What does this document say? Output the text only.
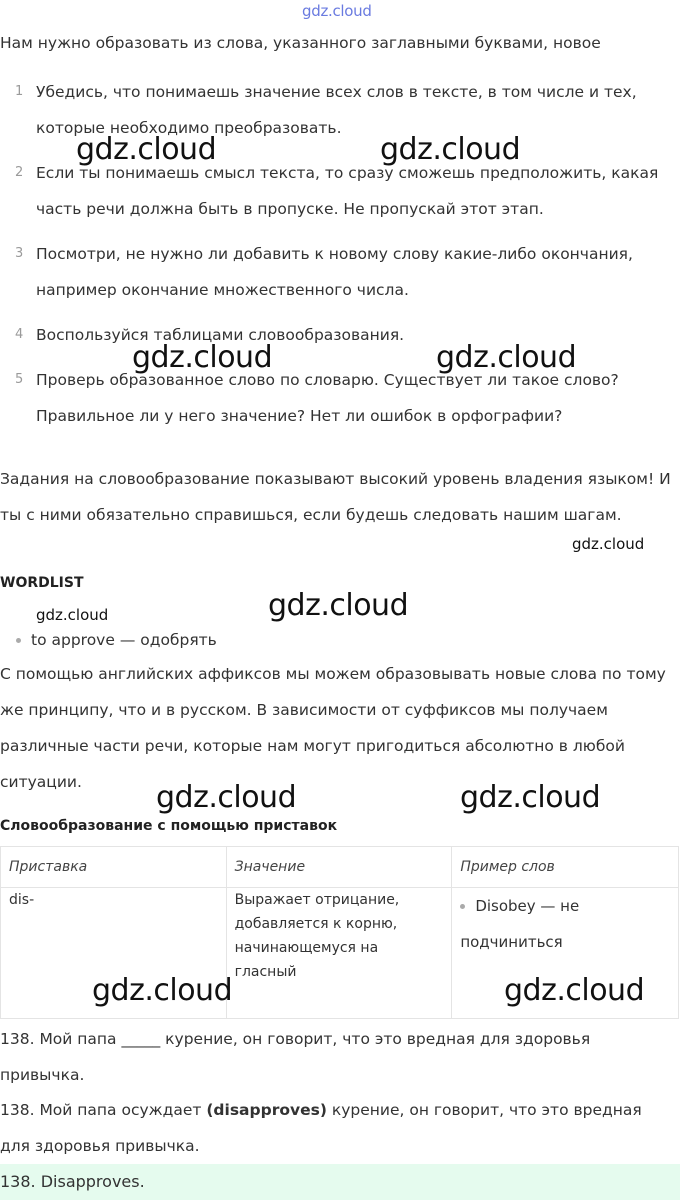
gdz.cloud

Нам нужно образовать из слова, указанного заглавными буквами, новое

1 Убедись, что понимаешь значение всех слов в тексте, в том числе и тех, которые необходимо преобразовать.
2 Если ты понимаешь смысл текста, то сразу сможешь предположить, какая часть речи должна быть в пропуске. Не пропускай этот этап.
3 Посмотри, не нужно ли добавить к новому слову какие-либо окончания, например окончание множественного числа.
4 Воспользуйся таблицами словообразования.
5 Проверь образованное слово по словарю. Существует ли такое слово? Правильное ли у него значение? Нет ли ошибок в орфографии?

Задания на словообразование показывают высокий уровень владения языком! И ты с ними обязательно справишься, если будешь следовать нашим шагам.

WORDLIST
to approve — одобрять

С помощью английских аффиксов мы можем образовывать новые слова по тому же принципу, что и в русском. В зависимости от суффиксов мы получаем различные части речи, которые нам могут пригодиться абсолютно в любой ситуации.

Словообразование с помощью приставок
Приставка	Значение	Пример слов
dis-	Выражает отрицание, добавляется к корню, начинающемуся на гласный	Disobey — не подчиниться

138. Мой папа _____ курение, он говорит, что это вредная для здоровья привычка.

138. Мой папа осуждает (disapproves) курение, он говорит, что это вредная для здоровья привычка.

138. Disapproves.
gdz.cloud	gdz.cloud
gdz.cloud	gdz.cloud
gdz.cloud
gdz.cloud	gdz.cloud
gdz.cloud	gdz.cloud
gdz.cloud	gdz.cloud
